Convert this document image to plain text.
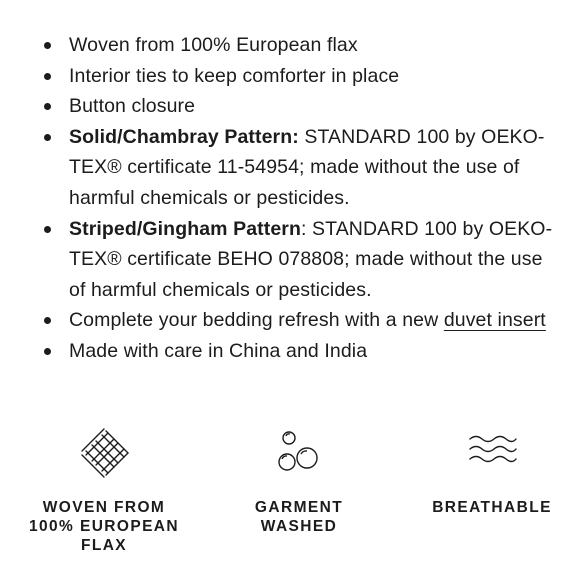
Woven from 100% European flax
Interior ties to keep comforter in place
Button closure
Solid/Chambray Pattern: STANDARD 100 by OEKO-TEX® certificate 11-54954; made without the use of harmful chemicals or pesticides.
Striped/Gingham Pattern: STANDARD 100 by OEKO-TEX® certificate BEHO 078808; made without the use of harmful chemicals or pesticides.
Complete your bedding refresh with a new duvet insert
Made with care in China and India
WOVEN FROM 100% EUROPEAN FLAX
GARMENT WASHED
BREATHABLE
